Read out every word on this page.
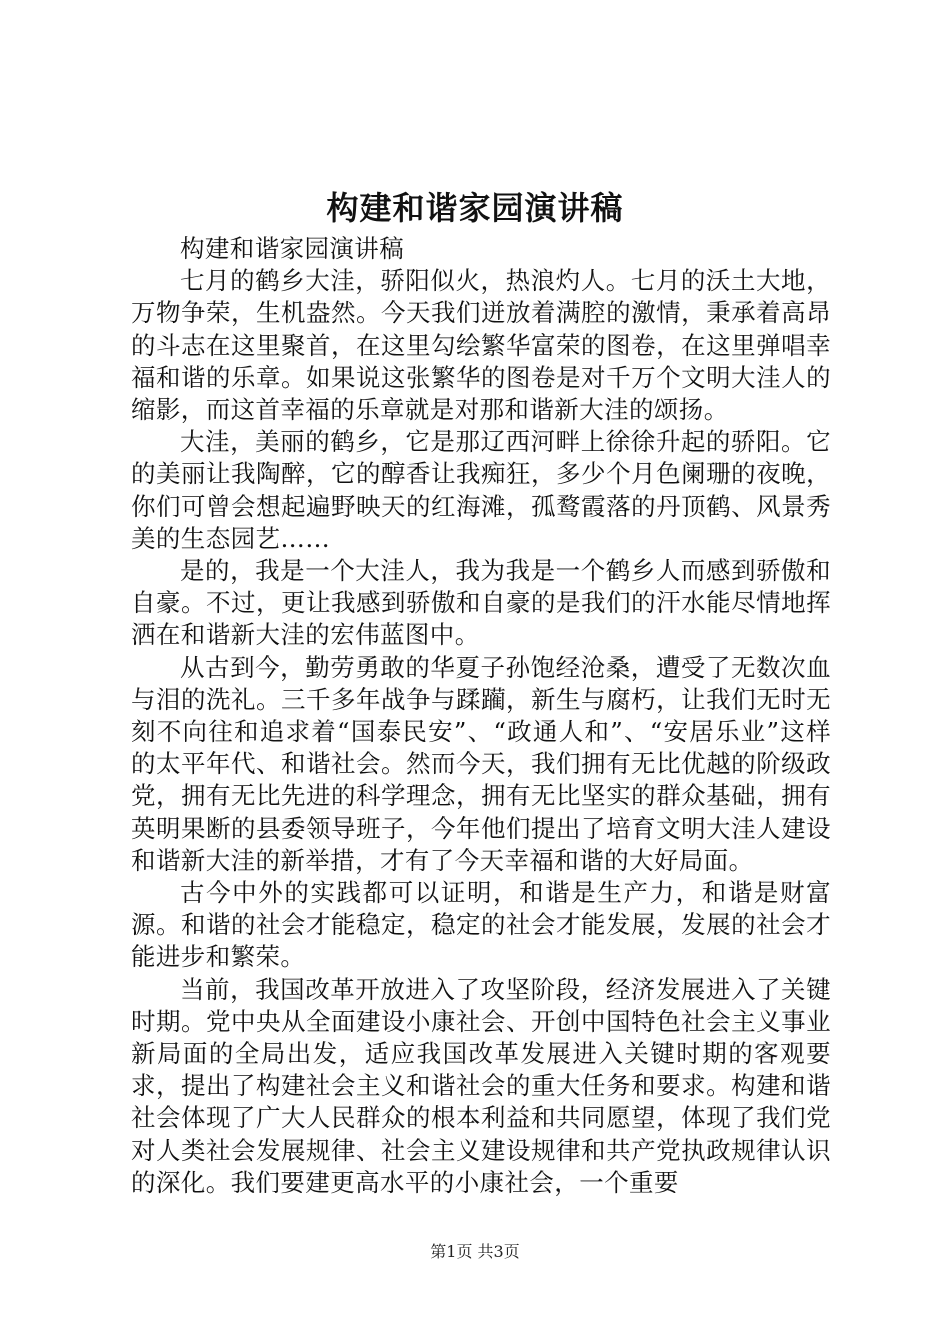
构建和谐家园演讲稿

构建和谐家园演讲稿

七月的鹤乡大洼，骄阳似火，热浪灼人。七月的沃土大地，万物争荣，生机盎然。今天我们迸放着满腔的激情，秉承着高昂的斗志在这里聚首，在这里勾绘繁华富荣的图卷，在这里弹唱幸福和谐的乐章。如果说这张繁华的图卷是对千万个文明大洼人的缩影，而这首幸福的乐章就是对那和谐新大洼的颂扬。

大洼，美丽的鹤乡，它是那辽西河畔上徐徐升起的骄阳。它的美丽让我陶醉，它的醇香让我痴狂，多少个月色阑珊的夜晚，你们可曾会想起遍野映天的红海滩，孤鹜霞落的丹顶鹤、风景秀美的生态园艺……

是的，我是一个大洼人，我为我是一个鹤乡人而感到骄傲和自豪。不过，更让我感到骄傲和自豪的是我们的汗水能尽情地挥洒在和谐新大洼的宏伟蓝图中。

从古到今，勤劳勇敢的华夏子孙饱经沧桑，遭受了无数次血与泪的洗礼。三千多年战争与蹂躏，新生与腐朽，让我们无时无刻不向往和追求着“国泰民安”、“政通人和”、“安居乐业”这样的太平年代、和谐社会。然而今天，我们拥有无比优越的阶级政党，拥有无比先进的科学理念，拥有无比坚实的群众基础，拥有英明果断的县委领导班子，今年他们提出了培育文明大洼人建设和谐新大洼的新举措，才有了今天幸福和谐的大好局面。

古今中外的实践都可以证明，和谐是生产力，和谐是财富源。和谐的社会才能稳定，稳定的社会才能发展，发展的社会才能进步和繁荣。

当前，我国改革开放进入了攻坚阶段，经济发展进入了关键时期。党中央从全面建设小康社会、开创中国特色社会主义事业新局面的全局出发，适应我国改革发展进入关键时期的客观要求，提出了构建社会主义和谐社会的重大任务和要求。构建和谐社会体现了广大人民群众的根本利益和共同愿望，体现了我们党对人类社会发展规律、社会主义建设规律和共产党执政规律认识的深化。我们要建更高水平的小康社会，一个重要

第1页 共3页
